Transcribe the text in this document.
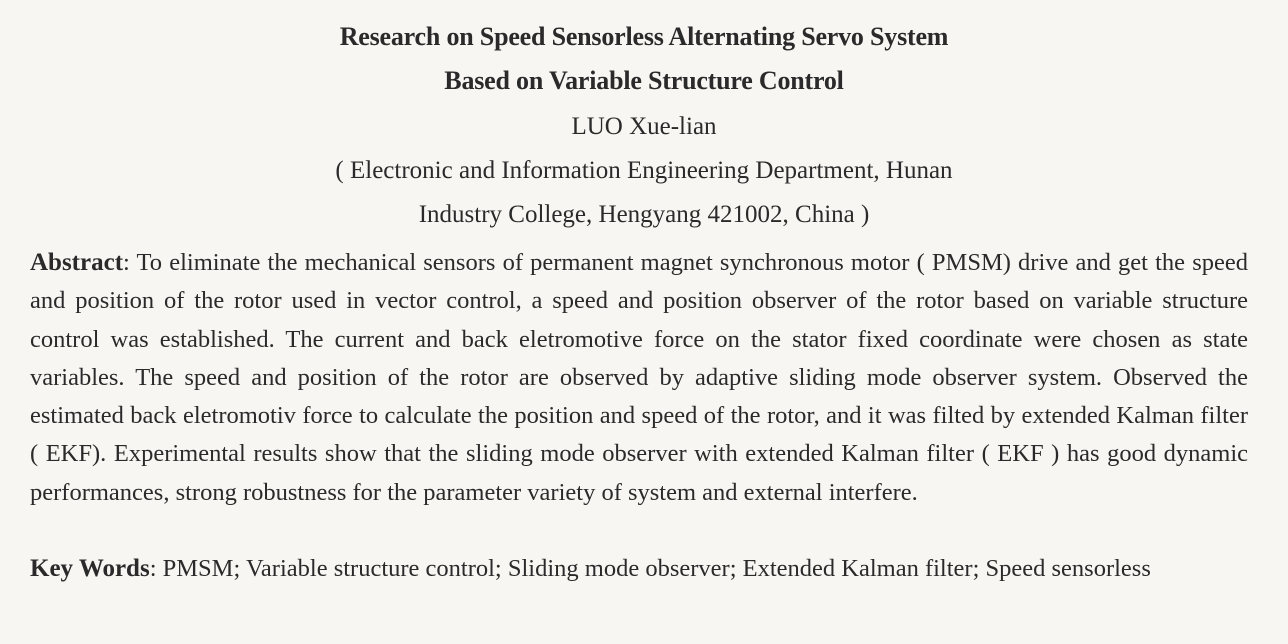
Research on Speed Sensorless Alternating Servo System
Based on Variable Structure Control
LUO Xue-lian
( Electronic and Information Engineering Department, Hunan
Industry College, Hengyang 421002, China )
Abstract: To eliminate the mechanical sensors of permanent magnet synchronous motor ( PMSM) drive and get the speed and position of the rotor used in vector control, a speed and position observer of the rotor based on variable structure control was established. The current and back eletromotive force on the stator fixed coordinate were chosen as state variables. The speed and position of the rotor are observed by adaptive sliding mode observer system. Observed the estimated back eletromotiv force to calculate the position and speed of the rotor, and it was filted by extended Kalman filter ( EKF). Experimental results show that the sliding mode observer with extended Kalman filter ( EKF ) has good dynamic performances, strong robustness for the parameter variety of system and external interfere.
Key Words: PMSM; Variable structure control; Sliding mode observer; Extended Kalman filter; Speed sensorless
